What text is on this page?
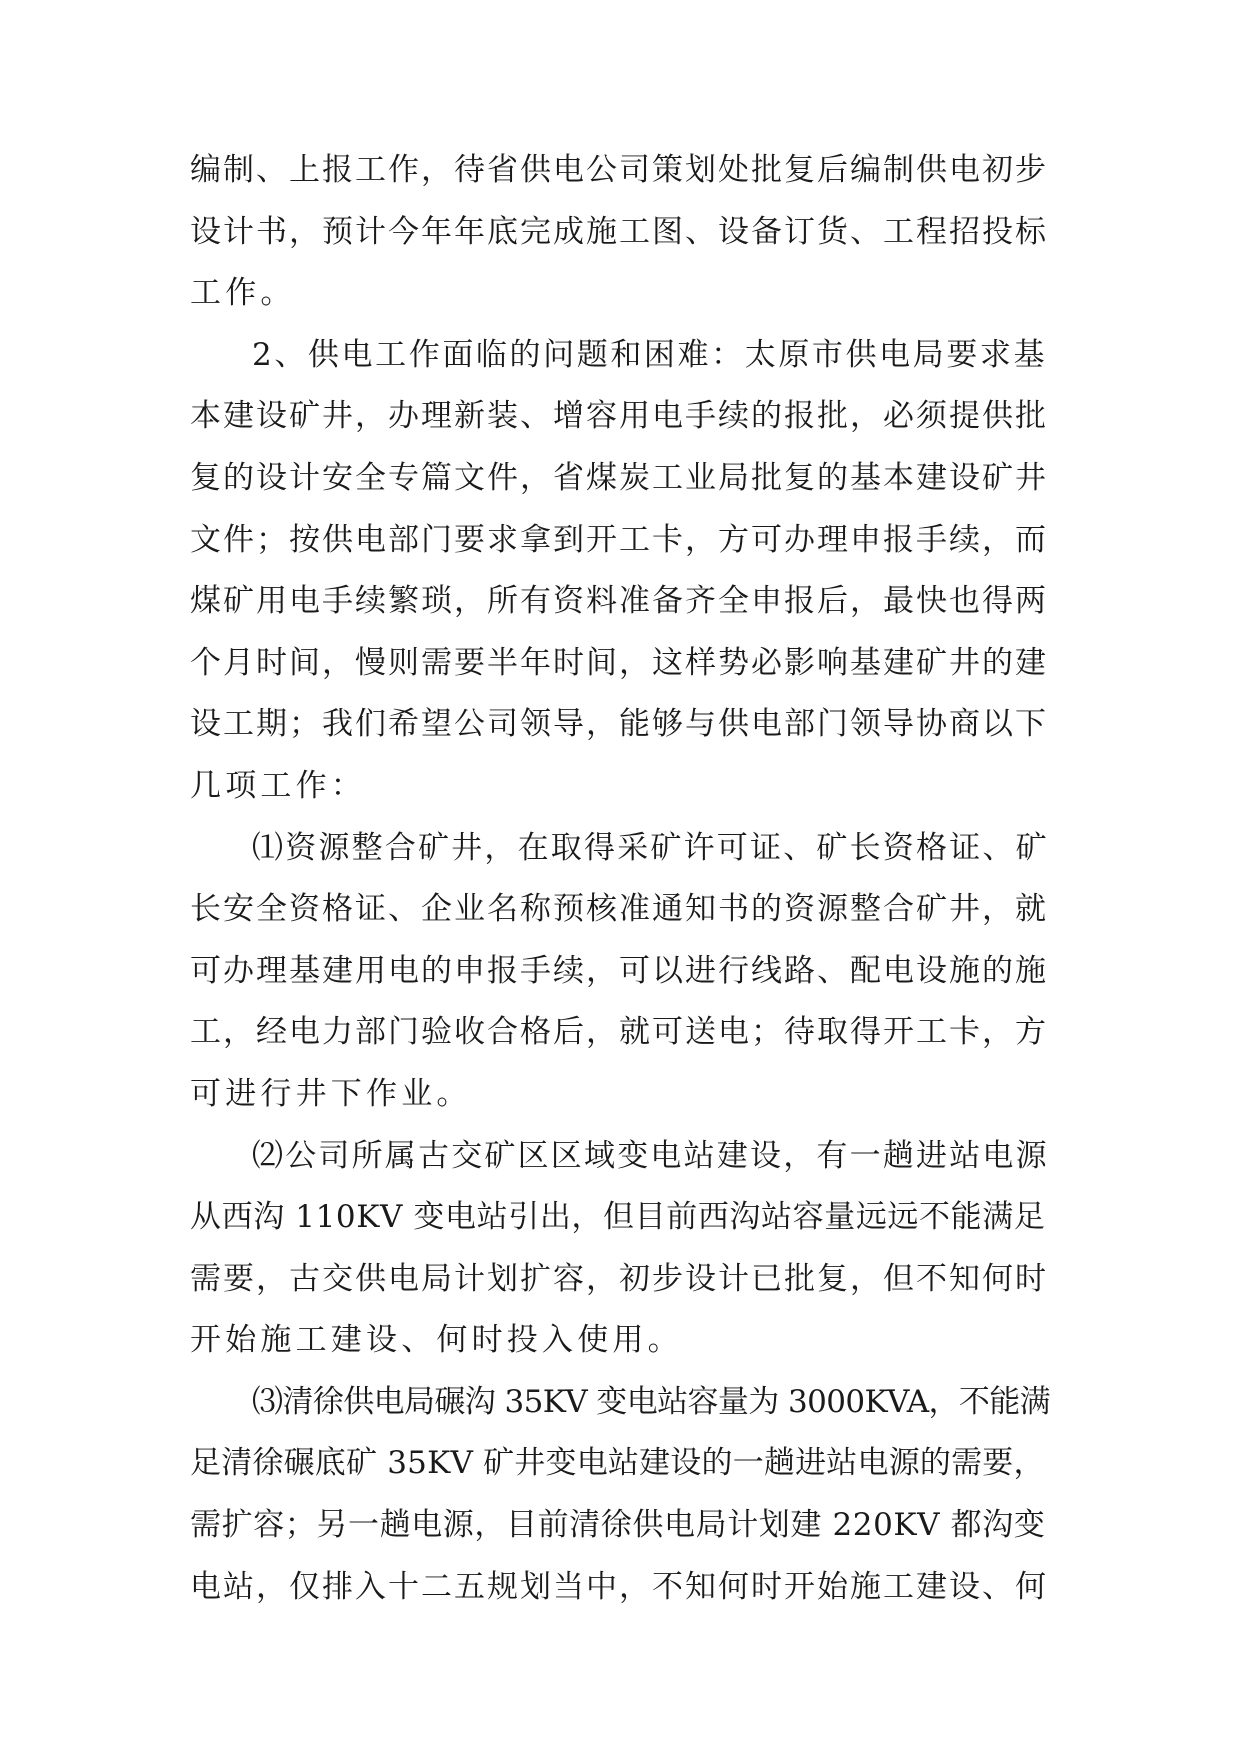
编制、上报工作，待省供电公司策划处批复后编制供电初步
设计书，预计今年年底完成施工图、设备订货、工程招投标
工作。
2、供电工作面临的问题和困难：太原市供电局要求基
本建设矿井，办理新装、增容用电手续的报批，必须提供批
复的设计安全专篇文件，省煤炭工业局批复的基本建设矿井
文件；按供电部门要求拿到开工卡，方可办理申报手续，而
煤矿用电手续繁琐，所有资料准备齐全申报后，最快也得两
个月时间，慢则需要半年时间，这样势必影响基建矿井的建
设工期；我们希望公司领导，能够与供电部门领导协商以下
几项工作：
⑴资源整合矿井，在取得采矿许可证、矿长资格证、矿
长安全资格证、企业名称预核准通知书的资源整合矿井，就
可办理基建用电的申报手续，可以进行线路、配电设施的施
工，经电力部门验收合格后，就可送电；待取得开工卡，方
可进行井下作业。
⑵公司所属古交矿区区域变电站建设，有一趟进站电源
从西沟 110KV 变电站引出，但目前西沟站容量远远不能满足
需要，古交供电局计划扩容，初步设计已批复，但不知何时
开始施工建设、何时投入使用。
⑶清徐供电局碾沟 35KV 变电站容量为 3000KVA，不能满
足清徐碾底矿 35KV 矿井变电站建设的一趟进站电源的需要，
需扩容；另一趟电源，目前清徐供电局计划建 220KV 都沟变
电站，仅排入十二五规划当中，不知何时开始施工建设、何
